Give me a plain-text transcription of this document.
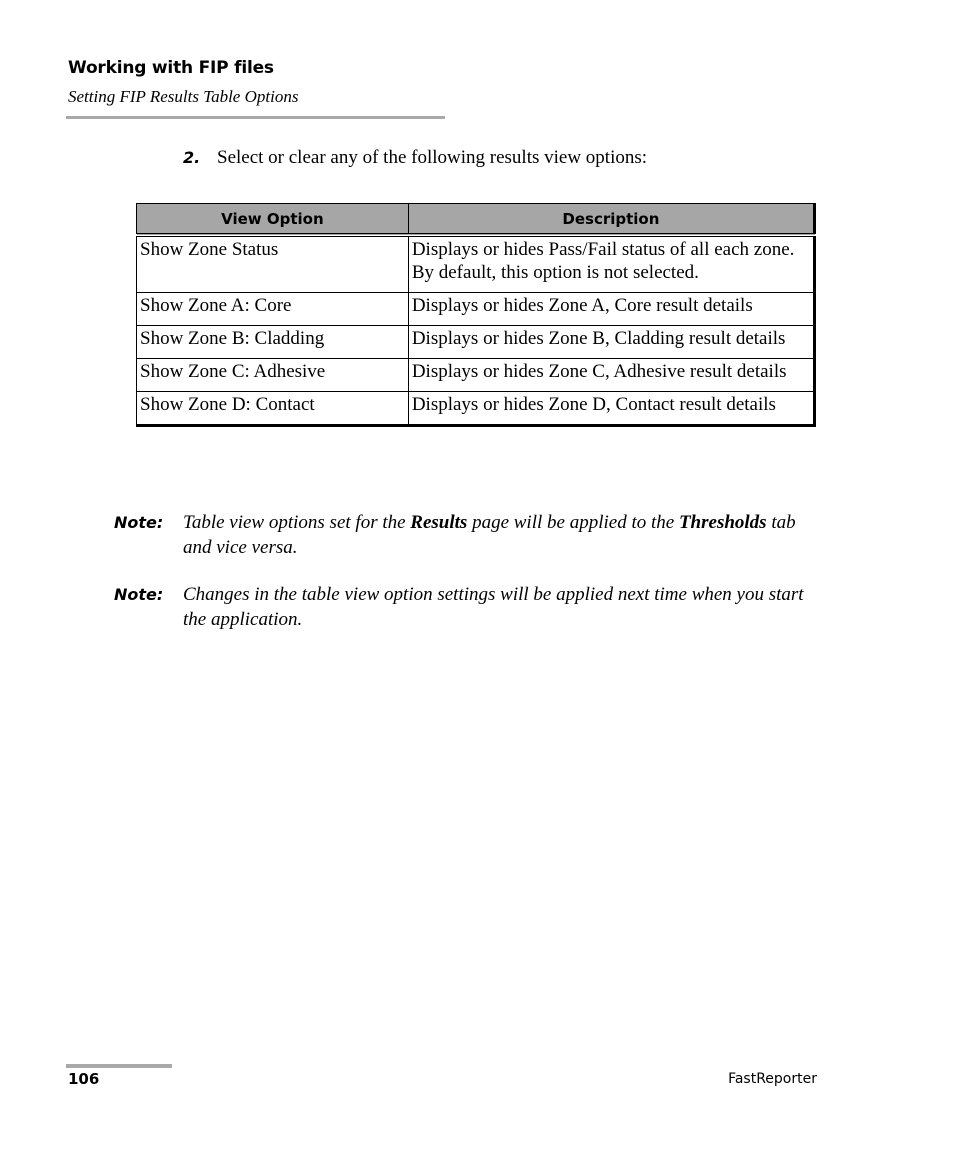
Working with FIP files
Setting FIP Results Table Options
2. Select or clear any of the following results view options:
View Option	Description
Show Zone Status	Displays or hides Pass/Fail status of all each zone. By default, this option is not selected.
Show Zone A: Core	Displays or hides Zone A, Core result details
Show Zone B: Cladding	Displays or hides Zone B, Cladding result details
Show Zone C: Adhesive	Displays or hides Zone C, Adhesive result details
Show Zone D: Contact	Displays or hides Zone D, Contact result details
Note: Table view options set for the Results page will be applied to the Thresholds tab and vice versa.
Note: Changes in the table view option settings will be applied next time when you start the application.
106	FastReporter
